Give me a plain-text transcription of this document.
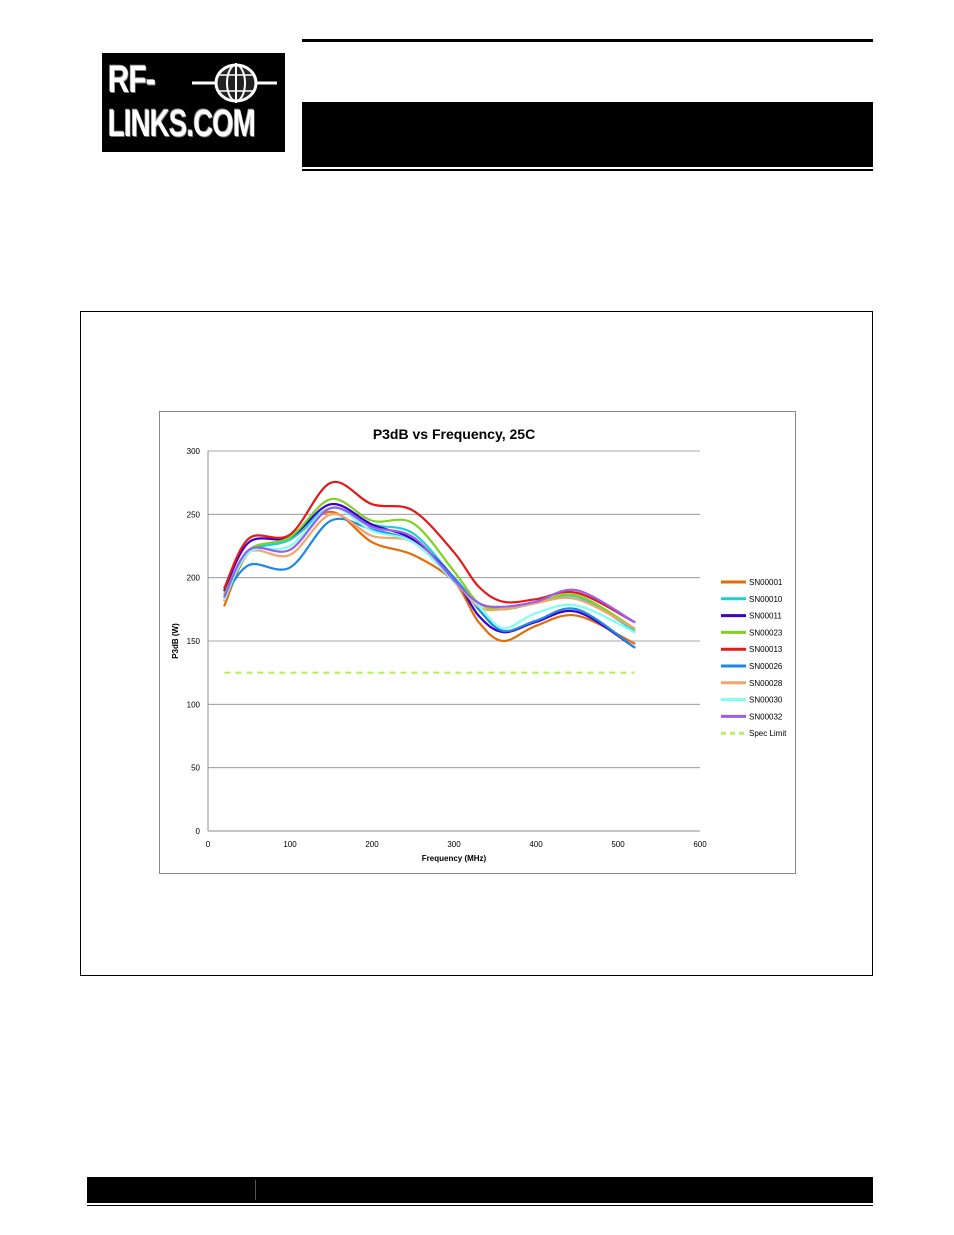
RF-
LINKS.COM
P3dB vs Frequency, 25C
0
50
100
150
200
250
300
0	100	200	300	400	500	600
Frequency (MHz)
P3dB (W)
SN00001
SN00010
SN00011
SN00023
SN00013
SN00026
SN00028
SN00030
SN00032
Spec Limit
